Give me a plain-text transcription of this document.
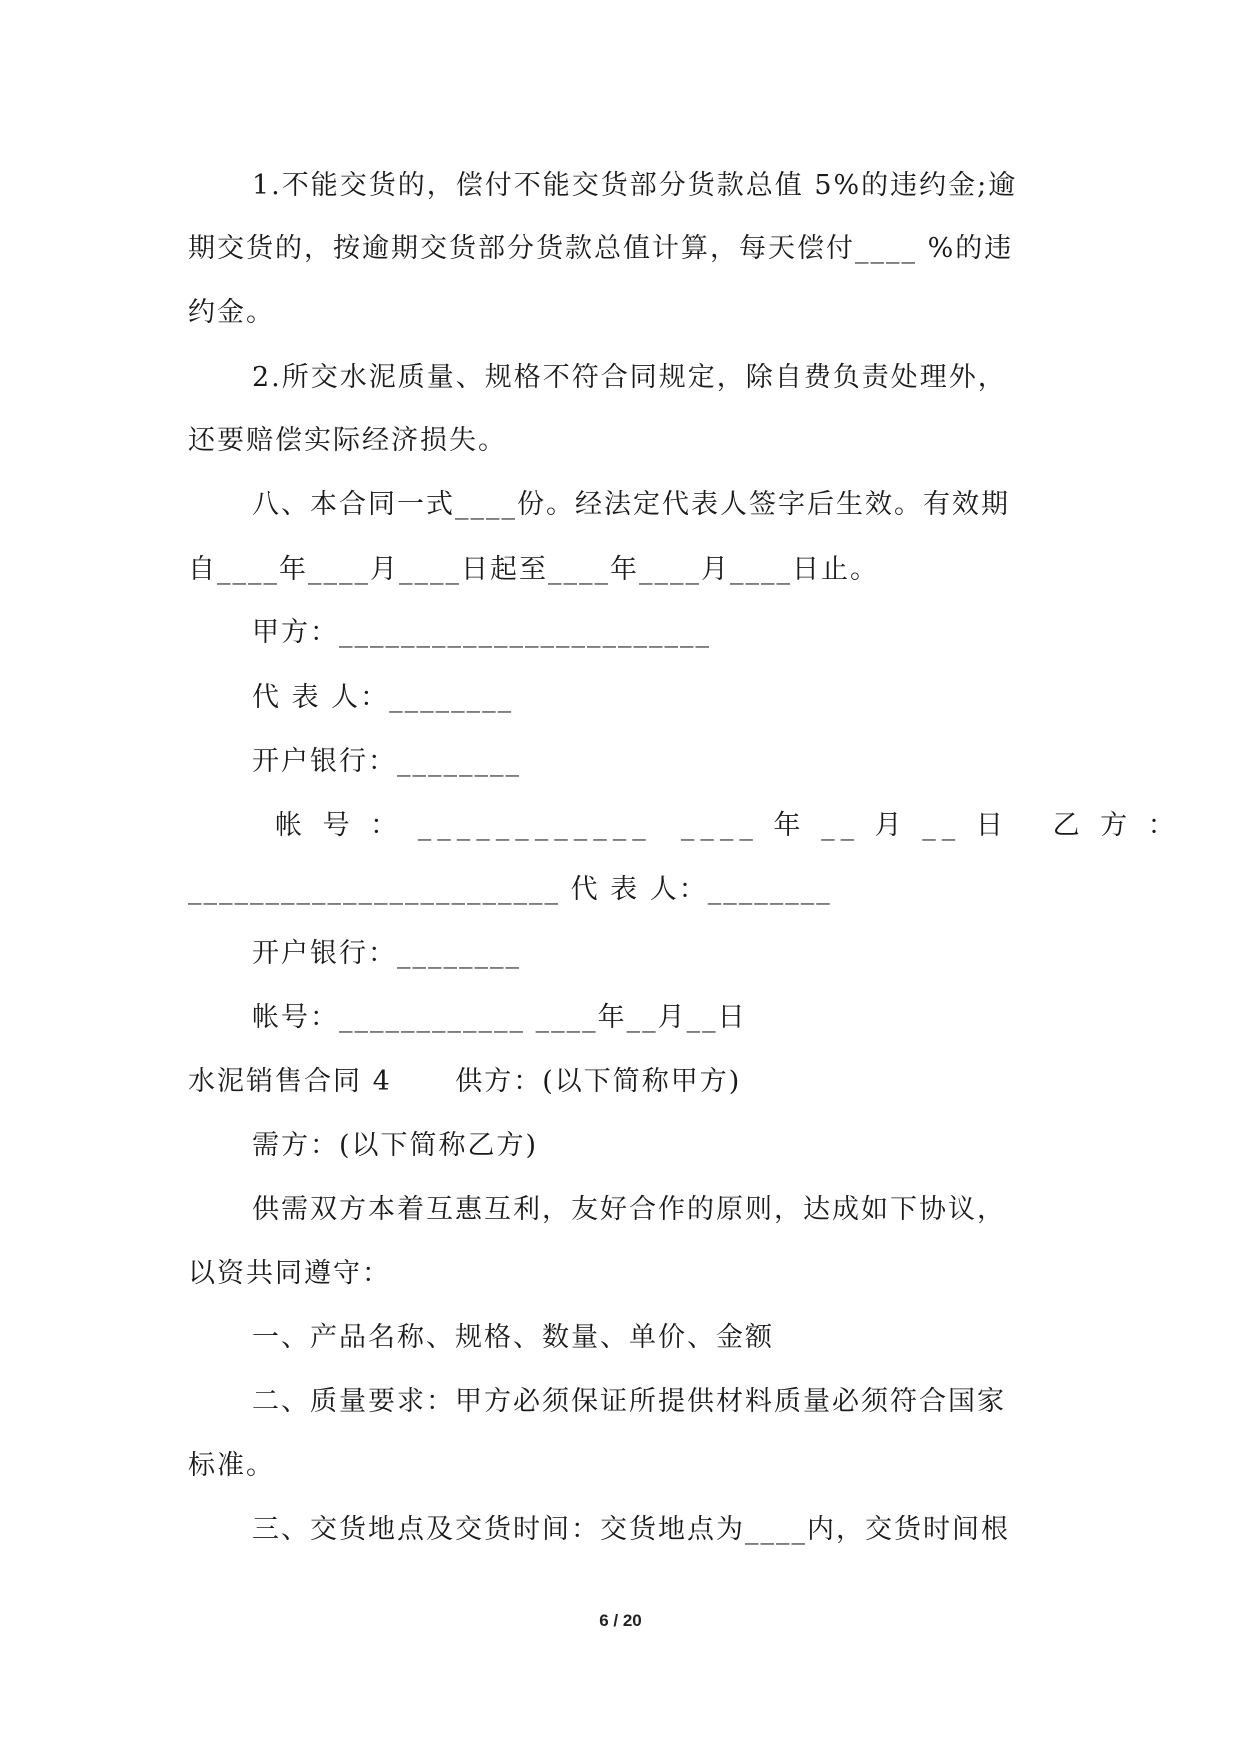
1.不能交货的，偿付不能交货部分货款总值 5%的违约金;逾
期交货的，按逾期交货部分货款总值计算，每天偿付____ %的违
约金。
2.所交水泥质量、规格不符合同规定，除自费负责处理外，
还要赔偿实际经济损失。
八、本合同一式____份。经法定代表人签字后生效。有效期
自____年____月____日起至____年____月____日止。
甲方：________________________
代 表 人：________
开户银行：________
帐 号 ： ____________  ____ 年 __ 月 __ 日   乙 方 ：
________________________ 代 表 人：________
开户银行：________
帐号：____________ ____年__月__日
水泥销售合同 4      供方：(以下简称甲方)
需方：(以下简称乙方)
供需双方本着互惠互利，友好合作的原则，达成如下协议，
以资共同遵守：
一、产品名称、规格、数量、单价、金额
二、质量要求：甲方必须保证所提供材料质量必须符合国家
标准。
三、交货地点及交货时间：交货地点为____内，交货时间根
6 / 20
